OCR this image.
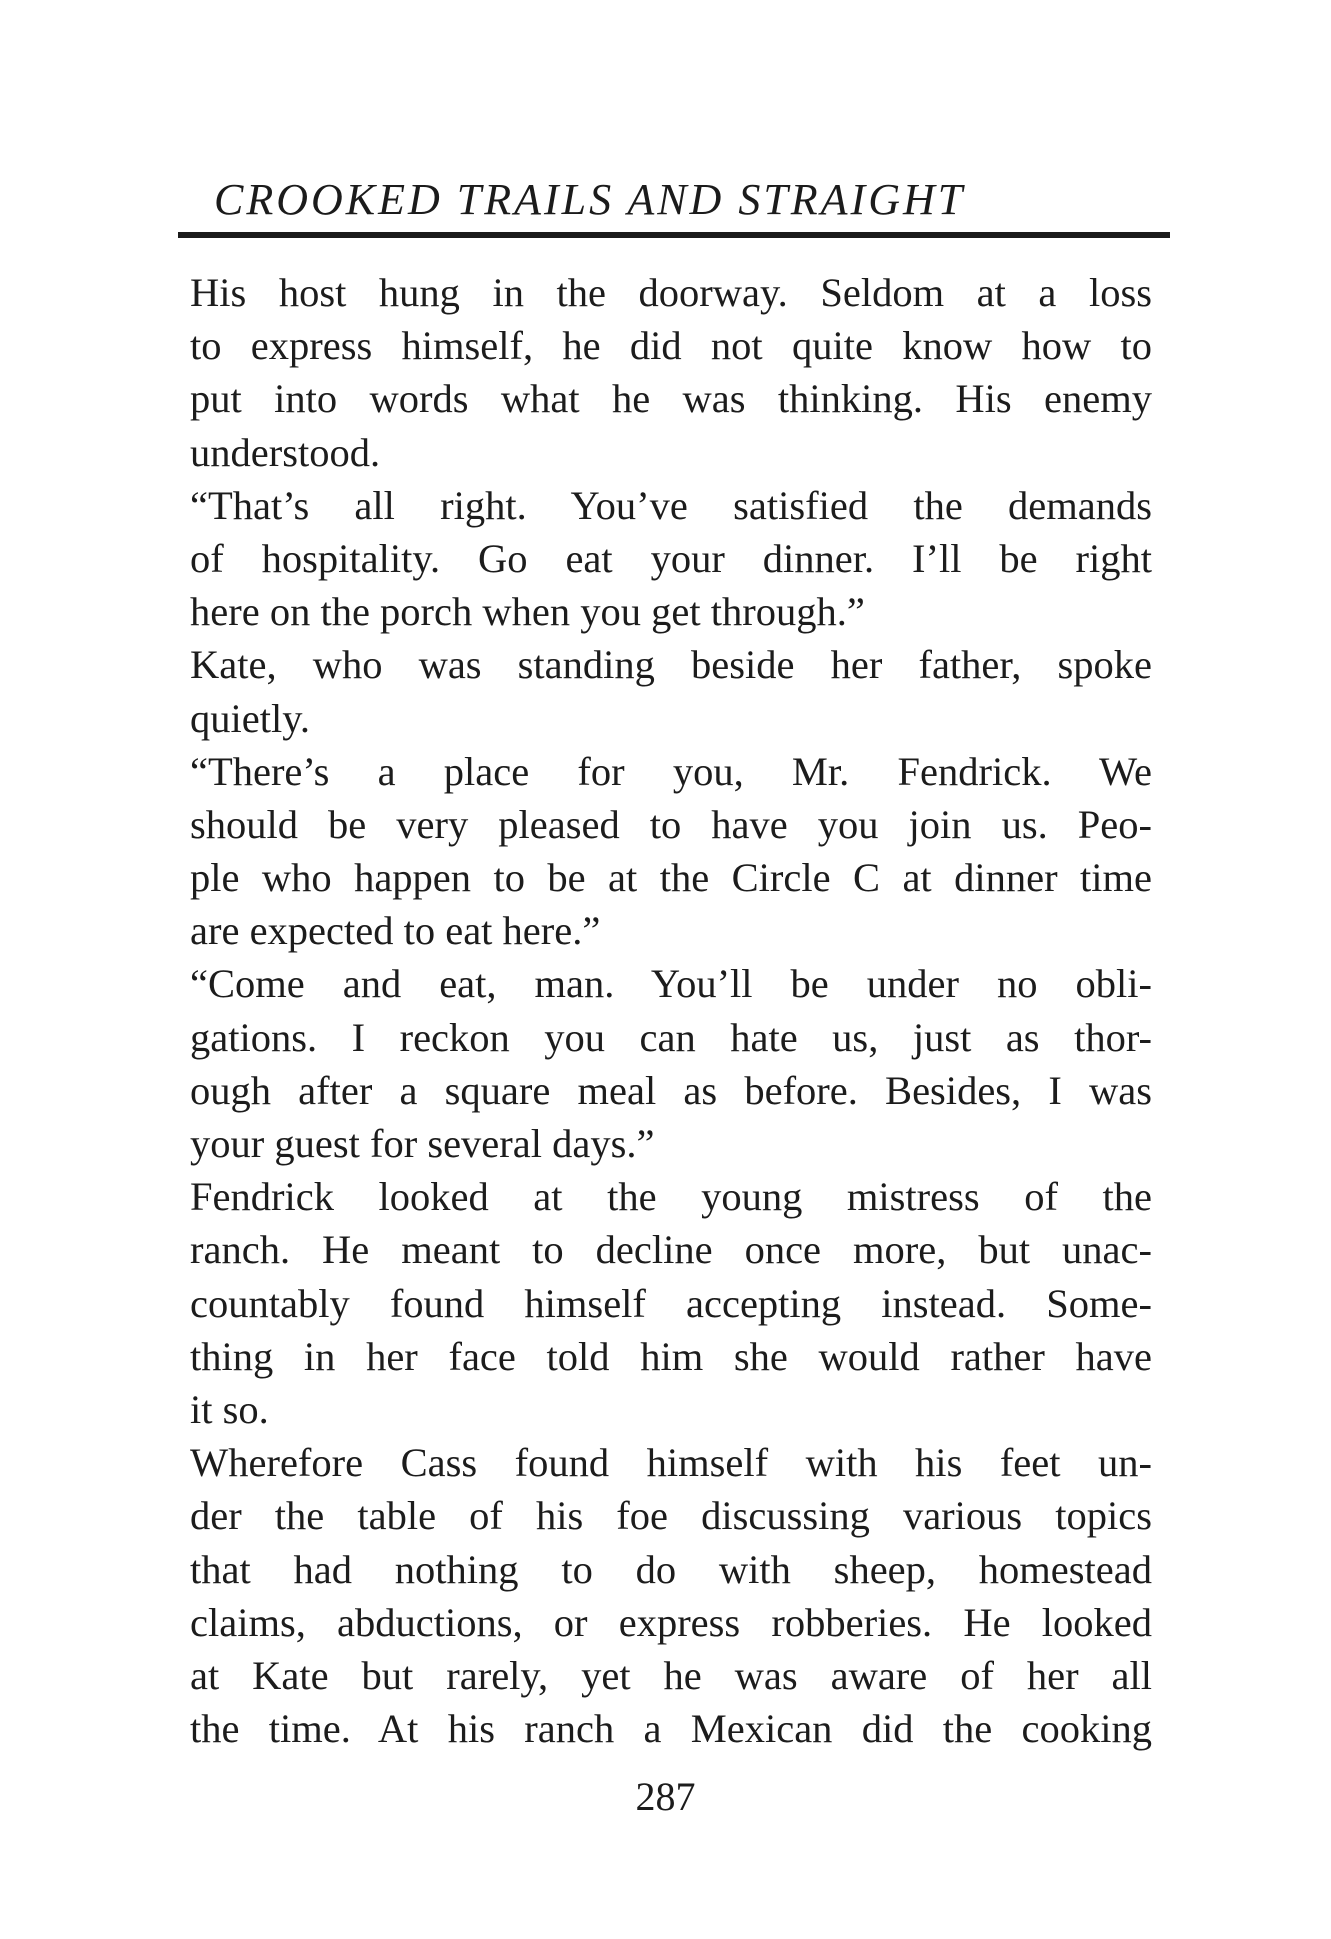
CROOKED TRAILS AND STRAIGHT
His host hung in the doorway. Seldom at a loss
to express himself, he did not quite know how to
put into words what he was thinking. His enemy
understood.
“That’s all right. You’ve satisfied the demands
of hospitality. Go eat your dinner. I’ll be right
here on the porch when you get through.”
Kate, who was standing beside her father, spoke
quietly.
“There’s a place for you, Mr. Fendrick. We
should be very pleased to have you join us. Peo-
ple who happen to be at the Circle C at dinner time
are expected to eat here.”
“Come and eat, man. You’ll be under no obli-
gations. I reckon you can hate us, just as thor-
ough after a square meal as before. Besides, I was
your guest for several days.”
Fendrick looked at the young mistress of the
ranch. He meant to decline once more, but unac-
countably found himself accepting instead. Some-
thing in her face told him she would rather have
it so.
Wherefore Cass found himself with his feet un-
der the table of his foe discussing various topics
that had nothing to do with sheep, homestead
claims, abductions, or express robberies. He looked
at Kate but rarely, yet he was aware of her all
the time. At his ranch a Mexican did the cooking
287
